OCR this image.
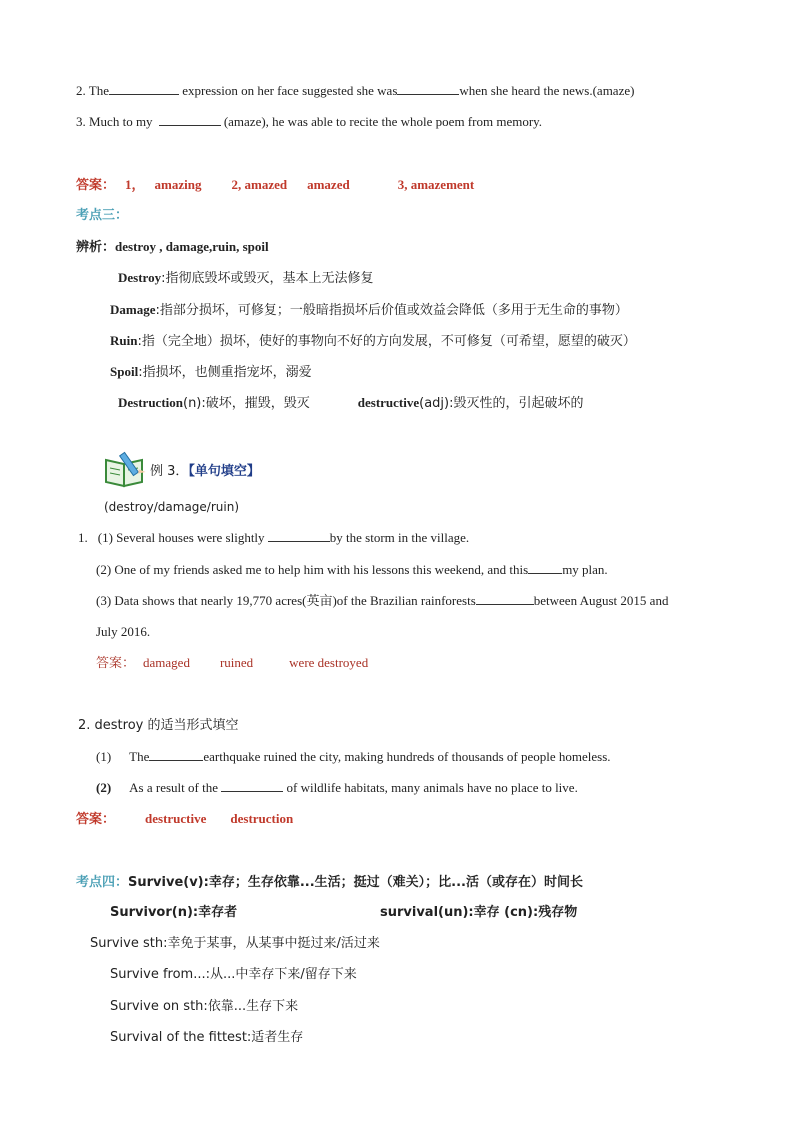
2. The	expression on her face suggested she was	when she heard the news.(amaze)
3. Much to my	(amaze), he was able to recite the whole poem from memory.
答案： 1， amazing 2, amazed amazed	3, amazement
考点三：
辨析：destroy , damage,ruin, spoil
Destroy:指彻底毁坏或毁灭，基本上无法修复
Damage:指部分损坏，可修复；一般暗指损坏后价值或效益会降低（多用于无生命的事物）
Ruin:指（完全地）损坏，使好的事物向不好的方向发展，不可修复（可希望，愿望的破灭）
Spoil:指损坏，也侧重指宠坏，溺爱
Destruction(n):破坏，摧毁，毁灭	destructive(adj):毁灭性的，引起破坏的
例 3．【单句填空】
(destroy/damage/ruin)
1. (1) Several houses were slightly	by the storm in the village.
(2) One of my friends asked me to help him with his lessons this weekend, and this	my plan.
(3) Data shows that nearly 19,770 acres(英亩)of the Brazilian rainforests	between August 2015 and
July 2016.
答案： damaged ruined	were destroyed
2. destroy 的适当形式填空
(1) The	earthquake ruined the city, making hundreds of thousands of people homeless.
(2) As a result of the	of wildlife habitats, many animals have no place to live.
答案： destructive destruction
考点四：Survive(v):幸存；生存依靠...生活；挺过（难关）；比...活（或存在）时间长
Survivor(n):幸存者	survival(un):幸存 (cn):残存物
Survive sth:幸免于某事，从某事中挺过来/活过来
Survive from...:从...中幸存下来/留存下来
Survive on sth:依靠...生存下来
Survival of the fittest:适者生存
